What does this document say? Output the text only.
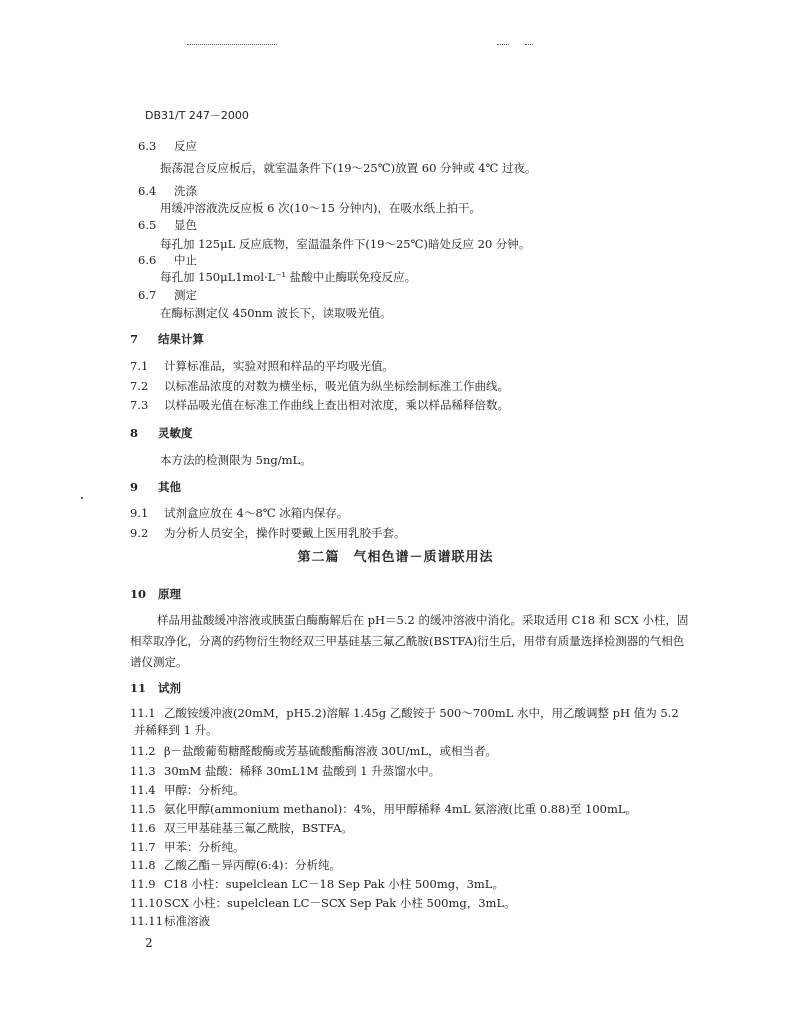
DB31/T 247－2000
6.3 反应
振荡混合反应板后，就室温条件下(19～25℃)放置 60 分钟或 4℃ 过夜。
6.4 洗涤
用缓冲溶液洗反应板 6 次(10～15 分钟内)，在吸水纸上拍干。
6.5 显色
每孔加 125μL 反应底物，室温温条件下(19～25℃)暗处反应 20 分钟。
6.6 中止
每孔加 150μL1mol·L⁻¹ 盐酸中止酶联免疫反应。
6.7 测定
在酶标测定仪 450nm 波长下，读取吸光值。
7 结果计算
7.1 计算标准品，实验对照和样品的平均吸光值。
7.2 以标准品浓度的对数为横坐标，吸光值为纵坐标绘制标准工作曲线。
7.3 以样品吸光值在标准工作曲线上查出相对浓度，乘以样品稀释倍数。
8 灵敏度
本方法的检测限为 5ng/mL。
9 其他
9.1 试剂盒应放在 4～8℃ 冰箱内保存。
9.2 为分析人员安全，操作时要戴上医用乳胶手套。
第二篇　气相色谱－质谱联用法
10 原理
样品用盐酸缓冲溶液或胰蛋白酶酶解后在 pH＝5.2 的缓冲溶液中消化。采取适用 C18 和 SCX 小柱，固相萃取净化，分离的药物衍生物经双三甲基硅基三氟乙酰胺(BSTFA)衍生后，用带有质量选择检测器的气相色谱仪测定。
11 试剂
11.1 乙酸铵缓冲液(20mM，pH5.2)溶解 1.45g 乙酸铵于 500～700mL 水中，用乙酸调整 pH 值为 5.2
并稀释到 1 升。
11.2 β－盐酸葡萄糖醛酸酶或芳基硫酸酯酶溶液 30U/mL，或相当者。
11.3 30mM 盐酸：稀释 30mL1M 盐酸到 1 升蒸馏水中。
11.4 甲醇：分析纯。
11.5 氨化甲醇(ammonium methanol)：4%，用甲醇稀释 4mL 氨溶液(比重 0.88)至 100mL。
11.6 双三甲基硅基三氟乙酰胺，BSTFA。
11.7 甲苯：分析纯。
11.8 乙酸乙酯－异丙醇(6:4)：分析纯。
11.9 C18 小柱：supelclean LC－18 Sep Pak 小柱 500mg，3mL。
11.10SCX 小柱：supelclean LC－SCX Sep Pak 小柱 500mg，3mL。
11.11标准溶液
2
